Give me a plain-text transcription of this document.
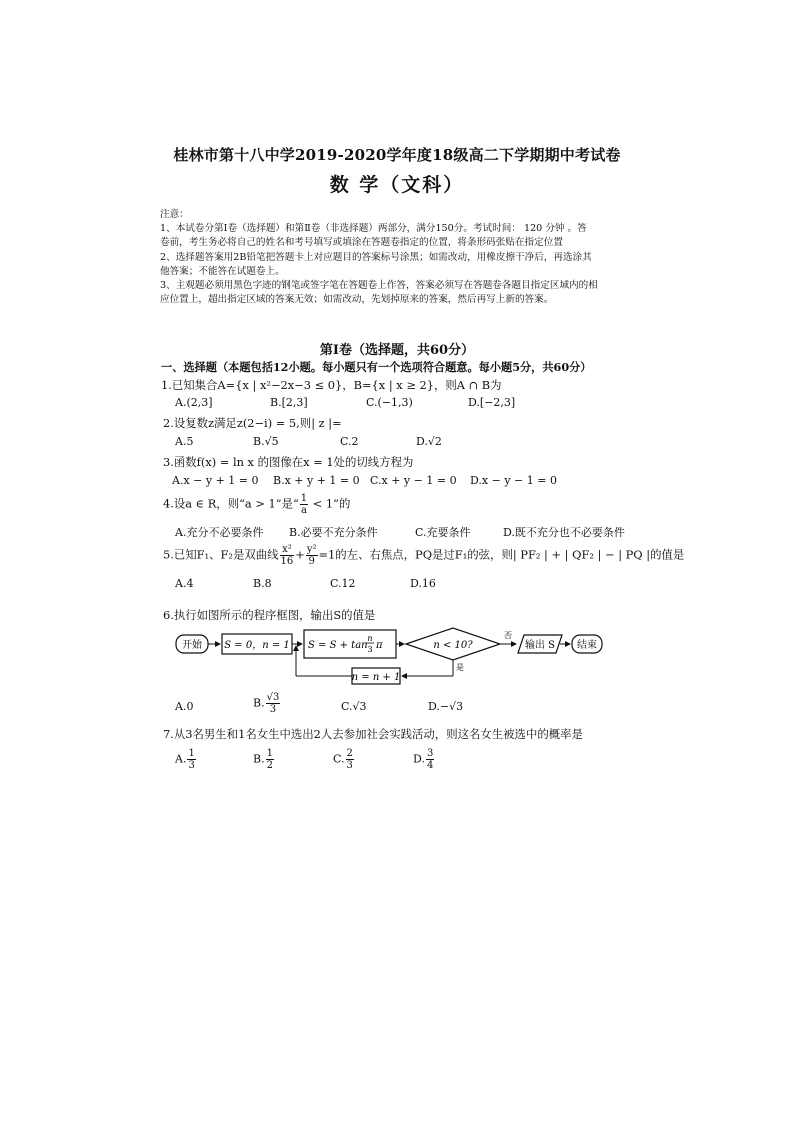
桂林市第十八中学2019-2020学年度18级高二下学期期中考试卷
数 学（文科）
注意：
1、本试卷分第Ⅰ卷（选择题）和第Ⅱ卷（非选择题）两部分，满分150分。考试时间： 120 分钟 。答
卷前，考生务必将自己的姓名和考号填写或填涂在答题卷指定的位置，将条形码张贴在指定位置
2、选择题答案用2B铅笔把答题卡上对应题目的答案标号涂黑；如需改动，用橡皮擦干净后，再选涂其
他答案；不能答在试题卷上。
3、主观题必须用黑色字迹的钢笔或签字笔在答题卷上作答，答案必须写在答题卷各题目指定区域内的相
应位置上，超出指定区域的答案无效；如需改动，先划掉原来的答案，然后再写上新的答案。
第Ⅰ卷（选择题，共60分）
一、选择题（本题包括12小题。每小题只有一个选项符合题意。每小题5分，共60分）
1.已知集合A={x | x²−2x−3 ≤ 0}，B={x | x ≥ 2}，则A ∩ B为
A.(2,3]	B.[2,3]	C.(−1,3)	D.[−2,3]
2.设复数z满足z(2−i) = 5,则| z |=
A.5	B.√5	C.2	D.√2
3.函数f(x) = ln x 的图像在x = 1处的切线方程为
A.x − y + 1 = 0 B.x + y + 1 = 0 C.x + y − 1 = 0 D.x − y − 1 = 0
4.设a ∈ R，则“a > 1”是“ $\frac{1}{a} < 1$”的
A.充分不必要条件 B.必要不充分条件	C.充要条件	D.既不充分也不必要条件
5.已知F₁、F₂是双曲线 $\frac{\text{x²}}{16} + \frac{\text{y²}}{9} =1$的左、右焦点，PQ是过F₁的弦，则| PF₂ | + | QF₂ | − | PQ |的值是
A.4	B.8	C.12	D.16
6.执行如图所示的程序框图，输出S的值是
开始 S = 0，n = 1 S = S + tan
n
3 π	n < 10?
否
输出 S 结束
是
n = n + 1
A.0	B. $\frac{√3}{3}$	C.√3	D.−√3
7.从3名男生和1名女生中选出2人去参加社会实践活动，则这名女生被选中的概率是
A. $\frac{1}{3}$	B. $\frac{1}{2}$	C. $\frac{2}{3}$	D. $\frac{3}{4}$
